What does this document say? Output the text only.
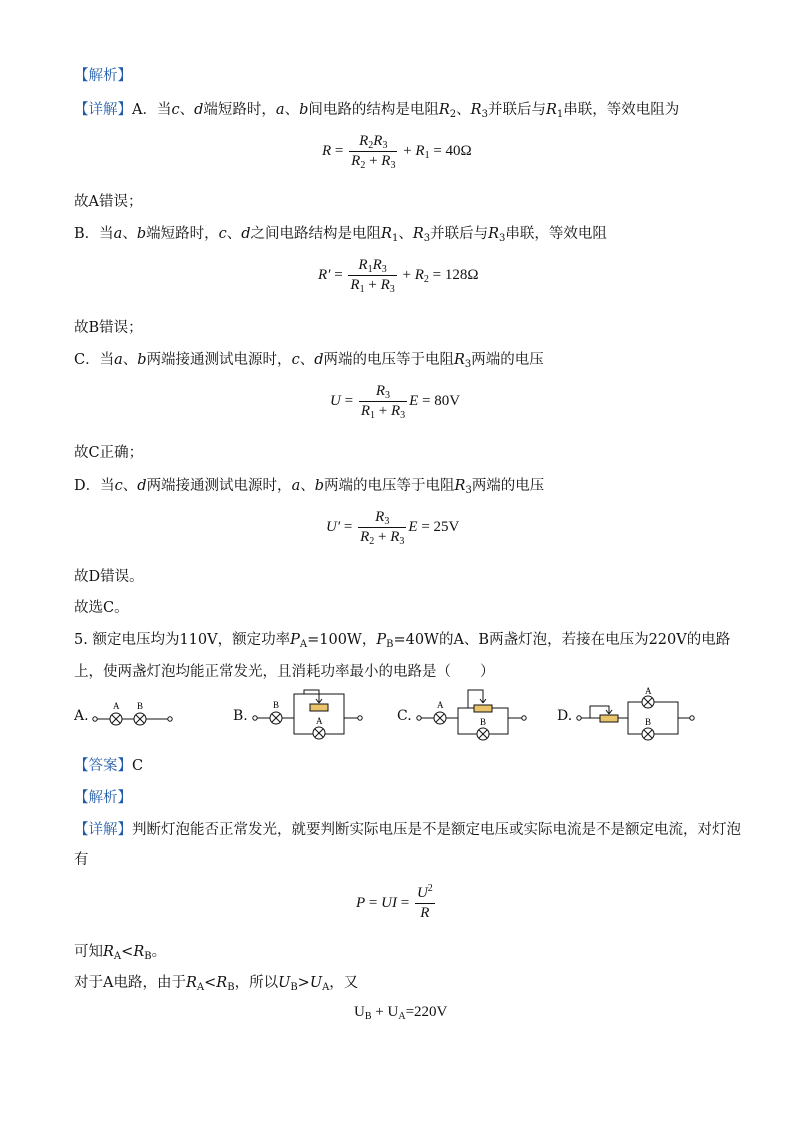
【解析】
【详解】A．当c、d端短路时，a、b间电路的结构是电阻$R_2$、$R_3$并联后与$R_1$串联，等效电阻为
$R = \frac{R_2R_3}{R_2 + R_3} + R_1 = 40\Omega$
故A错误；
B．当a、b端短路时，c、d之间电路结构是电阻$R_1$、$R_3$并联后与$R_3$串联，等效电阻
$R' = \frac{R_1R_3}{R_1 + R_3} + R_2 = 128\Omega$
故B错误；
C．当a、b两端接通测试电源时，c、d两端的电压等于电阻$R_3$两端的电压
$U = \frac{R_3}{R_1 + R_3}$ E = 80V
故C正确；
D．当c、d两端接通测试电源时，a、b两端的电压等于电阻$R_3$两端的电压
$U' = \frac{R_3}{R_2 + R_3}$ E = 25V
故D错误。
故选C。
5. 额定电压均为110V，额定功率$P_A=100W$，$P_B=40W$的A、B两盏灯泡，若接在电压为220V的电路
上，使两盏灯泡均能正常发光，且消耗功率最小的电路是（　　）
A.	B.	C.	D.
A B	B
A
A
B
A
B
【答案】C
【解析】
【详解】判断灯泡能否正常发光，就要判断实际电压是不是额定电压或实际电流是不是额定电流，对灯泡
有
P = UI = $\frac{U^2}{R}$
可知$R_A<R_B$。
对于A电路，由于$R_A<R_B$，所以$U_B>U_A$，又
$U_B + U_A=220V$
